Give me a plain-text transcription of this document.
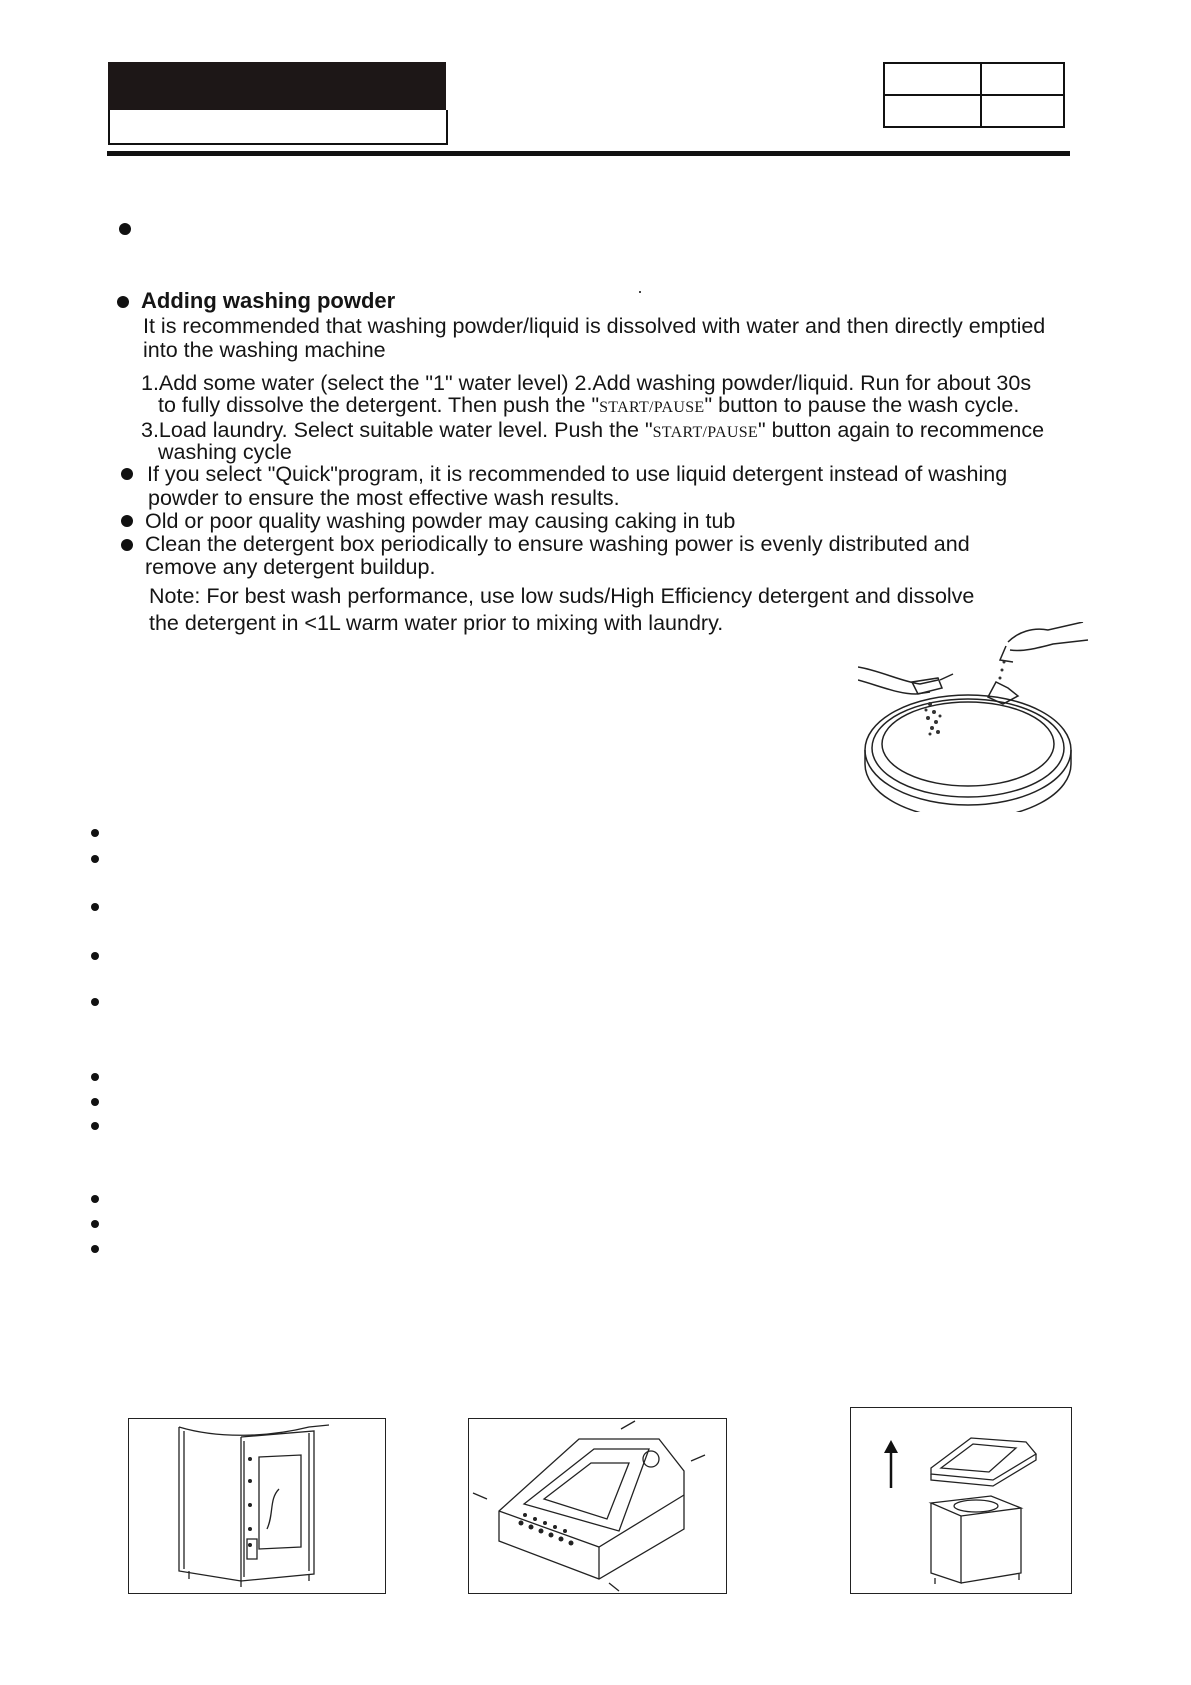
Adding washing powder
It is recommended that washing powder/liquid is dissolved with water and then directly emptied
into the washing machine
1.Add some water (select the "1" water level) 2.Add washing powder/liquid. Run for about 30s
to fully dissolve the detergent. Then push the "START/PAUSE" button to pause the wash cycle.
3.Load laundry. Select suitable water level. Push the "START/PAUSE" button again to recommence
washing cycle
If you select "Quick"program, it is recommended to use liquid detergent instead of washing
powder to ensure the most effective wash results.
Old or poor quality washing powder may causing caking in tub
Clean the detergent box periodically to ensure washing power is evenly distributed and
remove any detergent buildup.
Note: For best wash performance, use low suds/High Efficiency detergent and dissolve
the detergent in <1L warm water prior to mixing with laundry.
